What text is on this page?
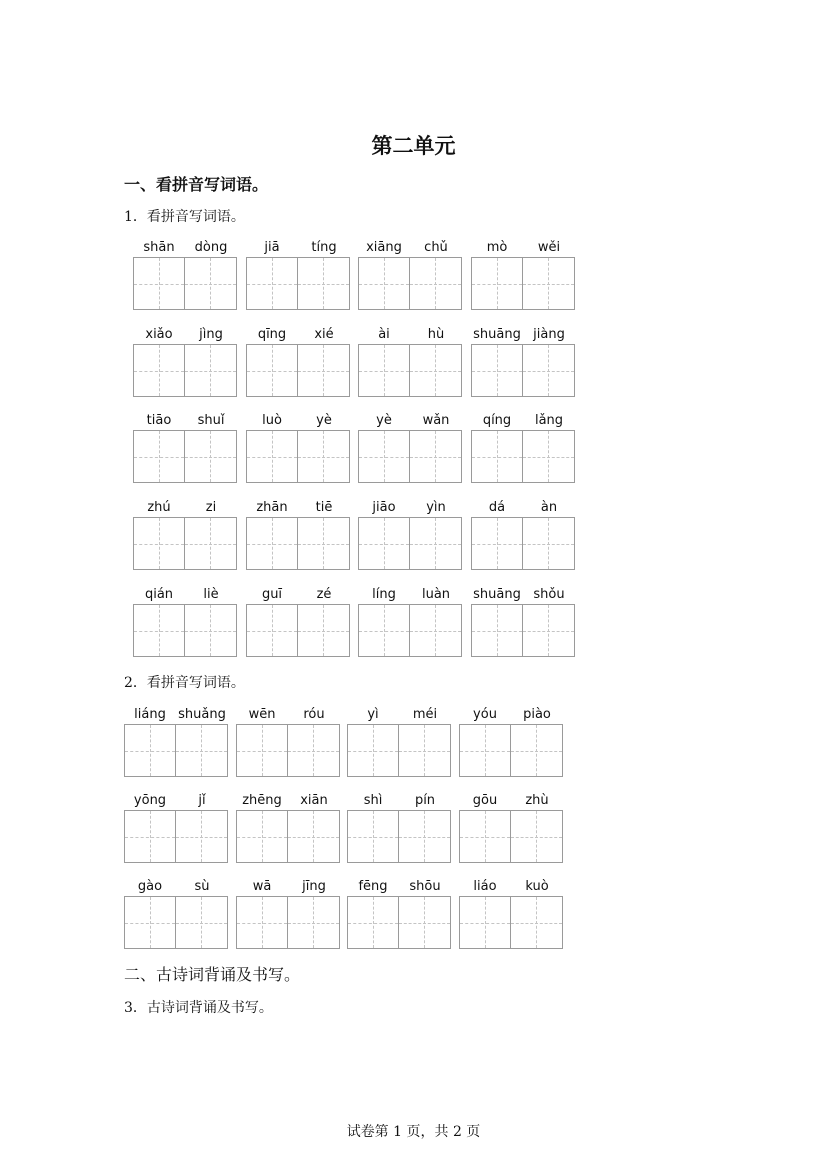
第二单元
一、看拼音写词语。
1．看拼音写词语。
shān	dòng	jiā	tíng	xiāng	chǔ	mò	wěi
xiǎo	jìng	qīng	xié	ài	hù	shuāng jiàng
tiāo	shuǐ	luò	yè	yè	wǎn	qíng	lǎng
zhú	zi	zhān	tiē	jiāo	yìn	dá	àn
qián	liè	guī	zé	líng	luàn	shuāng shǒu
2．看拼音写词语。
liáng shuǎng	wēn	róu	yì	méi	yóu	piào
yōng	jǐ	zhēng	xiān	shì	pín	gōu	zhù
gào	sù	wā	jīng	fēng	shōu	liáo	kuò
二、古诗词背诵及书写。
3．古诗词背诵及书写。
试卷第 1 页，共 2 页
